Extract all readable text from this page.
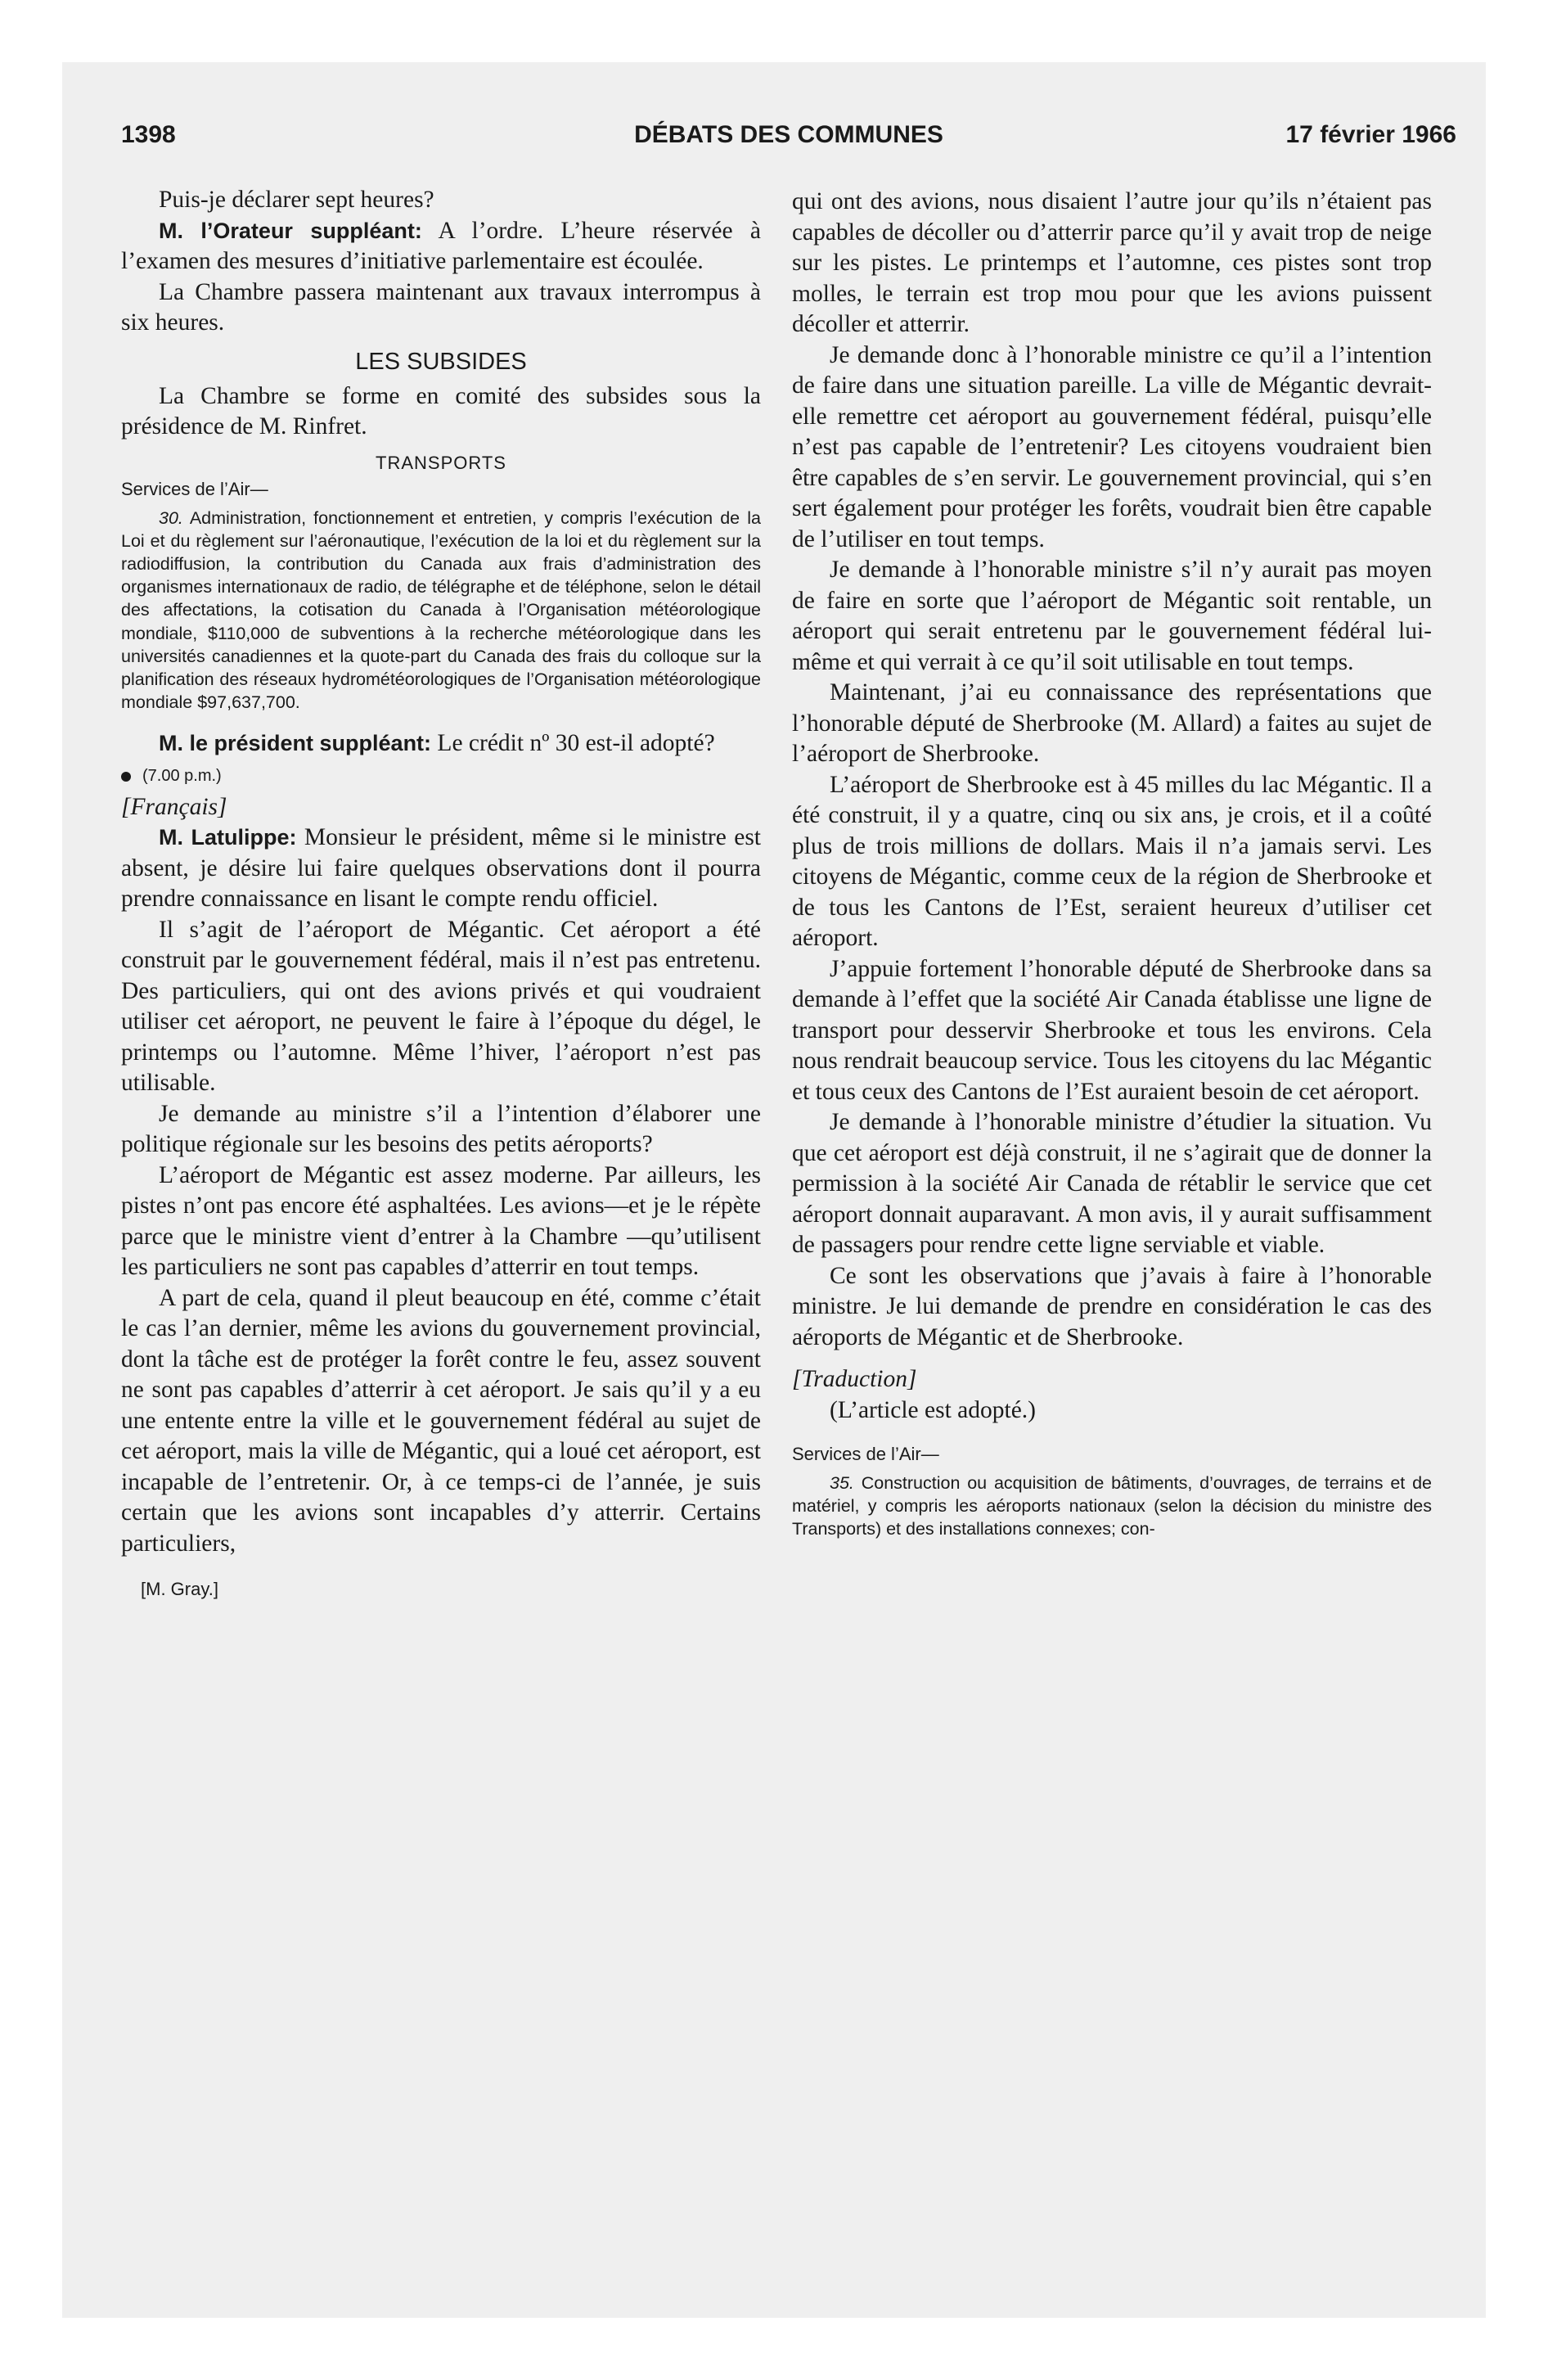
1398	DÉBATS DES COMMUNES	17 février 1966

Puis-je déclarer sept heures?

M. l’Orateur suppléant: A l’ordre. L’heure réservée à l’examen des mesures d’initiative parlementaire est écoulée.

La Chambre passera maintenant aux travaux interrompus à six heures.

LES SUBSIDES

La Chambre se forme en comité des subsides sous la présidence de M. Rinfret.

TRANSPORTS

Services de l’Air—

30. Administration, fonctionnement et entretien, y compris l’exécution de la Loi et du règlement sur l’aéronautique, l’exécution de la loi et du règlement sur la radiodiffusion, la contribution du Canada aux frais d’administration des organismes internationaux de radio, de télégraphe et de téléphone, selon le détail des affectations, la cotisation du Canada à l’Organisation météorologique mondiale, $110,000 de subventions à la recherche météorologique dans les universités canadiennes et la quote-part du Canada des frais du colloque sur la planification des réseaux hydrométéorologiques de l’Organisation météorologique mondiale $97,637,700.

M. le président suppléant: Le crédit nº 30 est-il adopté?

(7.00 p.m.)

[Français]

M. Latulippe: Monsieur le président, même si le ministre est absent, je désire lui faire quelques observations dont il pourra prendre connaissance en lisant le compte rendu officiel.

Il s’agit de l’aéroport de Mégantic. Cet aéroport a été construit par le gouvernement fédéral, mais il n’est pas entretenu. Des particuliers, qui ont des avions privés et qui voudraient utiliser cet aéroport, ne peuvent le faire à l’époque du dégel, le printemps ou l’automne. Même l’hiver, l’aéroport n’est pas utilisable.

Je demande au ministre s’il a l’intention d’élaborer une politique régionale sur les besoins des petits aéroports?

L’aéroport de Mégantic est assez moderne. Par ailleurs, les pistes n’ont pas encore été asphaltées. Les avions—et je le répète parce que le ministre vient d’entrer à la Chambre —qu’utilisent les particuliers ne sont pas capables d’atterrir en tout temps.

A part de cela, quand il pleut beaucoup en été, comme c’était le cas l’an dernier, même les avions du gouvernement provincial, dont la tâche est de protéger la forêt contre le feu, assez souvent ne sont pas capables d’atterrir à cet aéroport. Je sais qu’il y a eu une entente entre la ville et le gouvernement fédéral au sujet de cet aéroport, mais la ville de Mégantic, qui a loué cet aéroport, est incapable de l’entretenir. Or, à ce temps-ci de l’année, je suis certain que les avions sont incapables d’y atterrir. Certains particuliers,

[M. Gray.]

qui ont des avions, nous disaient l’autre jour qu’ils n’étaient pas capables de décoller ou d’atterrir parce qu’il y avait trop de neige sur les pistes. Le printemps et l’automne, ces pistes sont trop molles, le terrain est trop mou pour que les avions puissent décoller et atterrir.

Je demande donc à l’honorable ministre ce qu’il a l’intention de faire dans une situation pareille. La ville de Mégantic devrait-elle remettre cet aéroport au gouvernement fédéral, puisqu’elle n’est pas capable de l’entretenir? Les citoyens voudraient bien être capables de s’en servir. Le gouvernement provincial, qui s’en sert également pour protéger les forêts, voudrait bien être capable de l’utiliser en tout temps.

Je demande à l’honorable ministre s’il n’y aurait pas moyen de faire en sorte que l’aéroport de Mégantic soit rentable, un aéroport qui serait entretenu par le gouvernement fédéral lui-même et qui verrait à ce qu’il soit utilisable en tout temps.

Maintenant, j’ai eu connaissance des représentations que l’honorable député de Sherbrooke (M. Allard) a faites au sujet de l’aéroport de Sherbrooke.

L’aéroport de Sherbrooke est à 45 milles du lac Mégantic. Il a été construit, il y a quatre, cinq ou six ans, je crois, et il a coûté plus de trois millions de dollars. Mais il n’a jamais servi. Les citoyens de Mégantic, comme ceux de la région de Sherbrooke et de tous les Cantons de l’Est, seraient heureux d’utiliser cet aéroport.

J’appuie fortement l’honorable député de Sherbrooke dans sa demande à l’effet que la société Air Canada établisse une ligne de transport pour desservir Sherbrooke et tous les environs. Cela nous rendrait beaucoup service. Tous les citoyens du lac Mégantic et tous ceux des Cantons de l’Est auraient besoin de cet aéroport.

Je demande à l’honorable ministre d’étudier la situation. Vu que cet aéroport est déjà construit, il ne s’agirait que de donner la permission à la société Air Canada de rétablir le service que cet aéroport donnait auparavant. A mon avis, il y aurait suffisamment de passagers pour rendre cette ligne serviable et viable.

Ce sont les observations que j’avais à faire à l’honorable ministre. Je lui demande de prendre en considération le cas des aéroports de Mégantic et de Sherbrooke.

[Traduction]

(L’article est adopté.)

Services de l’Air—

35. Construction ou acquisition de bâtiments, d’ouvrages, de terrains et de matériel, y compris les aéroports nationaux (selon la décision du ministre des Transports) et des installations connexes; con-
